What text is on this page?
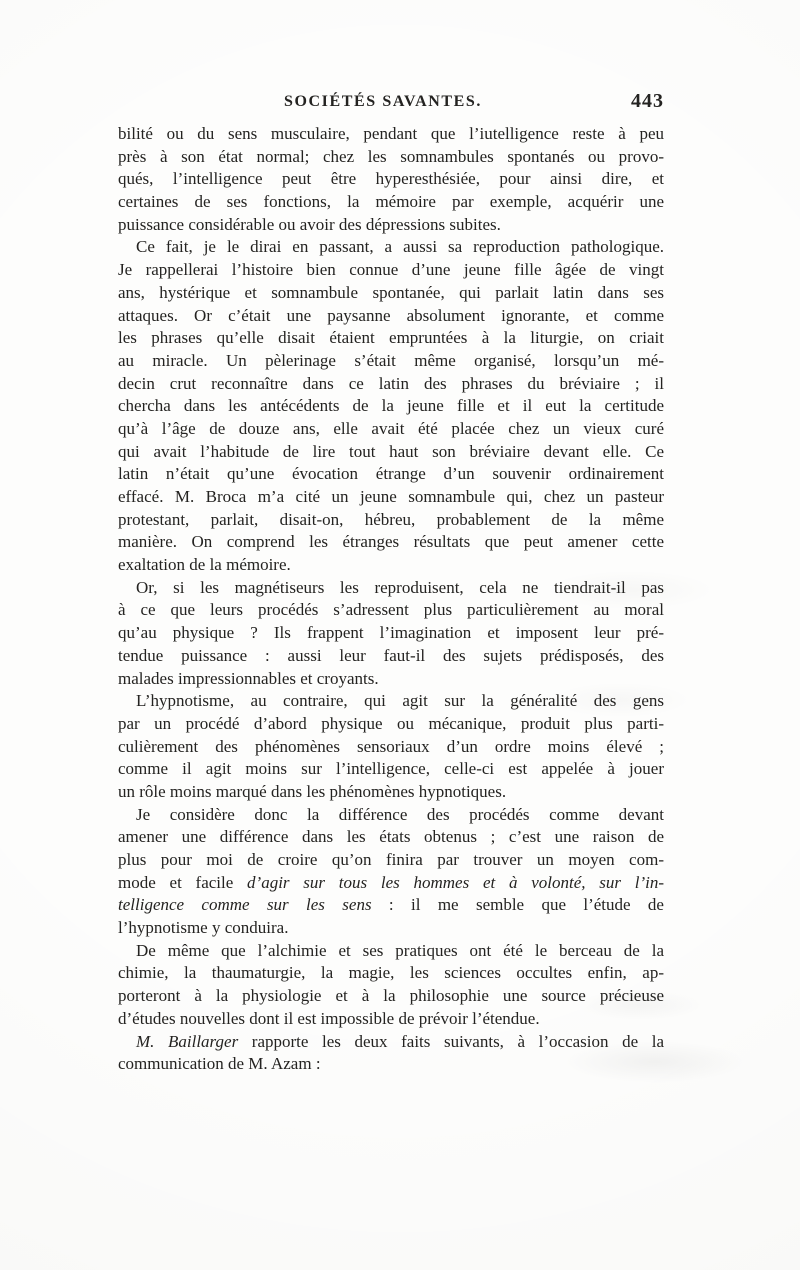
SOCIÉTÉS SAVANTES.	443
bilité ou du sens musculaire, pendant que l’iutelligence reste à peu
près à son état normal; chez les somnambules spontanés ou provo-
qués, l’intelligence peut être hyperesthésiée, pour ainsi dire, et
certaines de ses fonctions, la mémoire par exemple, acquérir une
puissance considérable ou avoir des dépressions subites.
Ce fait, je le dirai en passant, a aussi sa reproduction pathologique.
Je rappellerai l’histoire bien connue d’une jeune fille âgée de vingt
ans, hystérique et somnambule spontanée, qui parlait latin dans ses
attaques. Or c’était une paysanne absolument ignorante, et comme
les phrases qu’elle disait étaient empruntées à la liturgie, on criait
au miracle. Un pèlerinage s’était même organisé, lorsqu’un mé-
decin crut reconnaître dans ce latin des phrases du bréviaire ; il
chercha dans les antécédents de la jeune fille et il eut la certitude
qu’à l’âge de douze ans, elle avait été placée chez un vieux curé
qui avait l’habitude de lire tout haut son bréviaire devant elle. Ce
latin n’était qu’une évocation étrange d’un souvenir ordinairement
effacé. M. Broca m’a cité un jeune somnambule qui, chez un pasteur
protestant, parlait, disait-on, hébreu, probablement de la même
manière. On comprend les étranges résultats que peut amener cette
exaltation de la mémoire.
Or, si les magnétiseurs les reproduisent, cela ne tiendrait-il pas
à ce que leurs procédés s’adressent plus particulièrement au moral
qu’au physique ? Ils frappent l’imagination et imposent leur pré-
tendue puissance : aussi leur faut-il des sujets prédisposés, des
malades impressionnables et croyants.
L’hypnotisme, au contraire, qui agit sur la généralité des gens
par un procédé d’abord physique ou mécanique, produit plus parti-
culièrement des phénomènes sensoriaux d’un ordre moins élevé ;
comme il agit moins sur l’intelligence, celle-ci est appelée à jouer
un rôle moins marqué dans les phénomènes hypnotiques.
Je considère donc la différence des procédés comme devant
amener une différence dans les états obtenus ; c’est une raison de
plus pour moi de croire qu’on finira par trouver un moyen com-
mode et facile d’agir sur tous les hommes et à volonté, sur l’in-
telligence comme sur les sens : il me semble que l’étude de
l’hypnotisme y conduira.
De même que l’alchimie et ses pratiques ont été le berceau de la
chimie, la thaumaturgie, la magie, les sciences occultes enfin, ap-
porteront à la physiologie et à la philosophie une source précieuse
d’études nouvelles dont il est impossible de prévoir l’étendue.
M. Baillarger rapporte les deux faits suivants, à l’occasion de la
communication de M. Azam :
